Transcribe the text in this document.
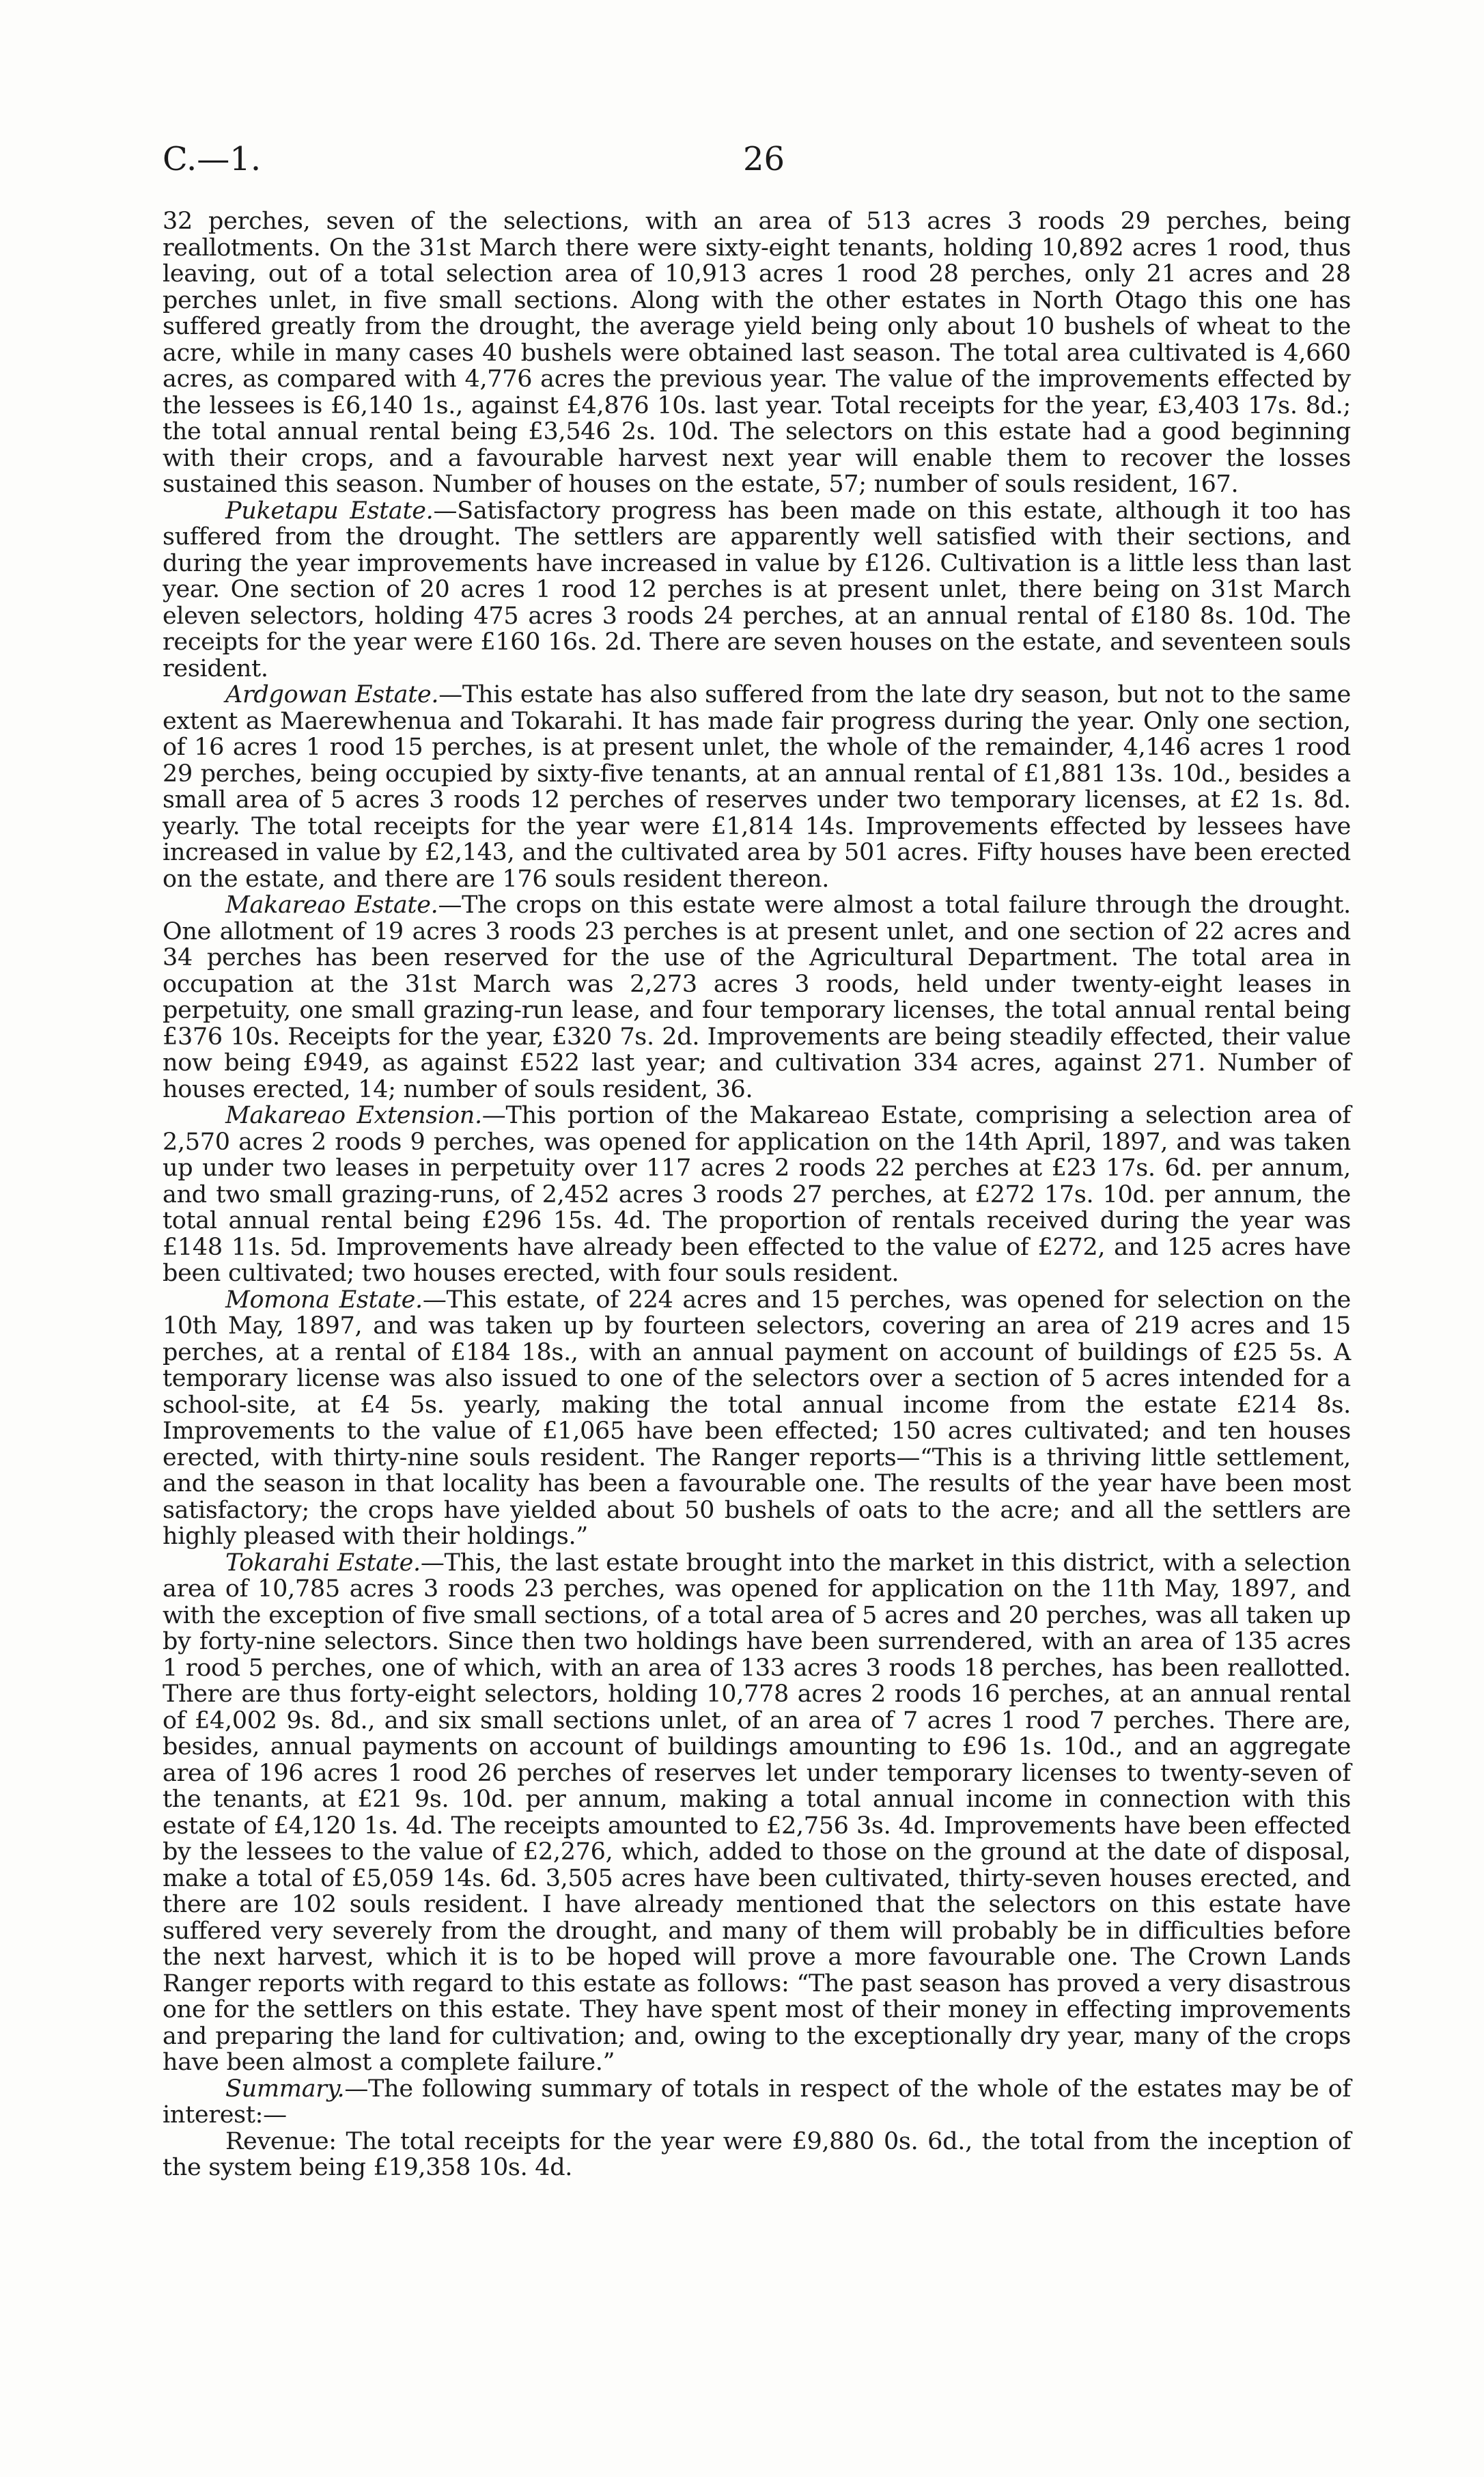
C.—1.	26

32 perches, seven of the selections, with an area of 513 acres 3 roods 29 perches, being reallotments. On the 31st March there were sixty-eight tenants, holding 10,892 acres 1 rood, thus leaving, out of a total selection area of 10,913 acres 1 rood 28 perches, only 21 acres and 28 perches unlet, in five small sections. Along with the other estates in North Otago this one has suffered greatly from the drought, the average yield being only about 10 bushels of wheat to the acre, while in many cases 40 bushels were obtained last season. The total area cultivated is 4,660 acres, as compared with 4,776 acres the previous year. The value of the improvements effected by the lessees is £6,140 1s., against £4,876 10s. last year. Total receipts for the year, £3,403 17s. 8d.; the total annual rental being £3,546 2s. 10d. The selectors on this estate had a good beginning with their crops, and a favourable harvest next year will enable them to recover the losses sustained this season. Number of houses on the estate, 57; number of souls resident, 167.

Puketapu Estate.—Satisfactory progress has been made on this estate, although it too has suffered from the drought. The settlers are apparently well satisfied with their sections, and during the year improvements have increased in value by £126. Cultivation is a little less than last year. One section of 20 acres 1 rood 12 perches is at present unlet, there being on 31st March eleven selectors, holding 475 acres 3 roods 24 perches, at an annual rental of £180 8s. 10d. The receipts for the year were £160 16s. 2d. There are seven houses on the estate, and seventeen souls resident.

Ardgowan Estate.—This estate has also suffered from the late dry season, but not to the same extent as Maerewhenua and Tokarahi. It has made fair progress during the year. Only one section, of 16 acres 1 rood 15 perches, is at present unlet, the whole of the remainder, 4,146 acres 1 rood 29 perches, being occupied by sixty-five tenants, at an annual rental of £1,881 13s. 10d., besides a small area of 5 acres 3 roods 12 perches of reserves under two temporary licenses, at £2 1s. 8d. yearly. The total receipts for the year were £1,814 14s. Improvements effected by lessees have increased in value by £2,143, and the cultivated area by 501 acres. Fifty houses have been erected on the estate, and there are 176 souls resident thereon.

Makareao Estate.—The crops on this estate were almost a total failure through the drought. One allotment of 19 acres 3 roods 23 perches is at present unlet, and one section of 22 acres and 34 perches has been reserved for the use of the Agricultural Department. The total area in occupation at the 31st March was 2,273 acres 3 roods, held under twenty-eight leases in perpetuity, one small grazing-run lease, and four temporary licenses, the total annual rental being £376 10s. Receipts for the year, £320 7s. 2d. Improvements are being steadily effected, their value now being £949, as against £522 last year; and cultivation 334 acres, against 271. Number of houses erected, 14; number of souls resident, 36.

Makareao Extension.—This portion of the Makareao Estate, comprising a selection area of 2,570 acres 2 roods 9 perches, was opened for application on the 14th April, 1897, and was taken up under two leases in perpetuity over 117 acres 2 roods 22 perches at £23 17s. 6d. per annum, and two small grazing-runs, of 2,452 acres 3 roods 27 perches, at £272 17s. 10d. per annum, the total annual rental being £296 15s. 4d. The proportion of rentals received during the year was £148 11s. 5d. Improvements have already been effected to the value of £272, and 125 acres have been cultivated; two houses erected, with four souls resident.

Momona Estate.—This estate, of 224 acres and 15 perches, was opened for selection on the 10th May, 1897, and was taken up by fourteen selectors, covering an area of 219 acres and 15 perches, at a rental of £184 18s., with an annual payment on account of buildings of £25 5s. A temporary license was also issued to one of the selectors over a section of 5 acres intended for a school-site, at £4 5s. yearly, making the total annual income from the estate £214 8s. Improvements to the value of £1,065 have been effected; 150 acres cultivated; and ten houses erected, with thirty-nine souls resident. The Ranger reports—“This is a thriving little settlement, and the season in that locality has been a favourable one. The results of the year have been most satisfactory; the crops have yielded about 50 bushels of oats to the acre; and all the settlers are highly pleased with their holdings.”

Tokarahi Estate.—This, the last estate brought into the market in this district, with a selection area of 10,785 acres 3 roods 23 perches, was opened for application on the 11th May, 1897, and with the exception of five small sections, of a total area of 5 acres and 20 perches, was all taken up by forty-nine selectors. Since then two holdings have been surrendered, with an area of 135 acres 1 rood 5 perches, one of which, with an area of 133 acres 3 roods 18 perches, has been reallotted. There are thus forty-eight selectors, holding 10,778 acres 2 roods 16 perches, at an annual rental of £4,002 9s. 8d., and six small sections unlet, of an area of 7 acres 1 rood 7 perches. There are, besides, annual payments on account of buildings amounting to £96 1s. 10d., and an aggregate area of 196 acres 1 rood 26 perches of reserves let under temporary licenses to twenty-seven of the tenants, at £21 9s. 10d. per annum, making a total annual income in connection with this estate of £4,120 1s. 4d. The receipts amounted to £2,756 3s. 4d. Improvements have been effected by the lessees to the value of £2,276, which, added to those on the ground at the date of disposal, make a total of £5,059 14s. 6d. 3,505 acres have been cultivated, thirty-seven houses erected, and there are 102 souls resident. I have already mentioned that the selectors on this estate have suffered very severely from the drought, and many of them will probably be in difficulties before the next harvest, which it is to be hoped will prove a more favourable one. The Crown Lands Ranger reports with regard to this estate as follows: “The past season has proved a very disastrous one for the settlers on this estate. They have spent most of their money in effecting improvements and preparing the land for cultivation; and, owing to the exceptionally dry year, many of the crops have been almost a complete failure.”

Summary.—The following summary of totals in respect of the whole of the estates may be of interest:—

Revenue: The total receipts for the year were £9,880 0s. 6d., the total from the inception of the system being £19,358 10s. 4d.
